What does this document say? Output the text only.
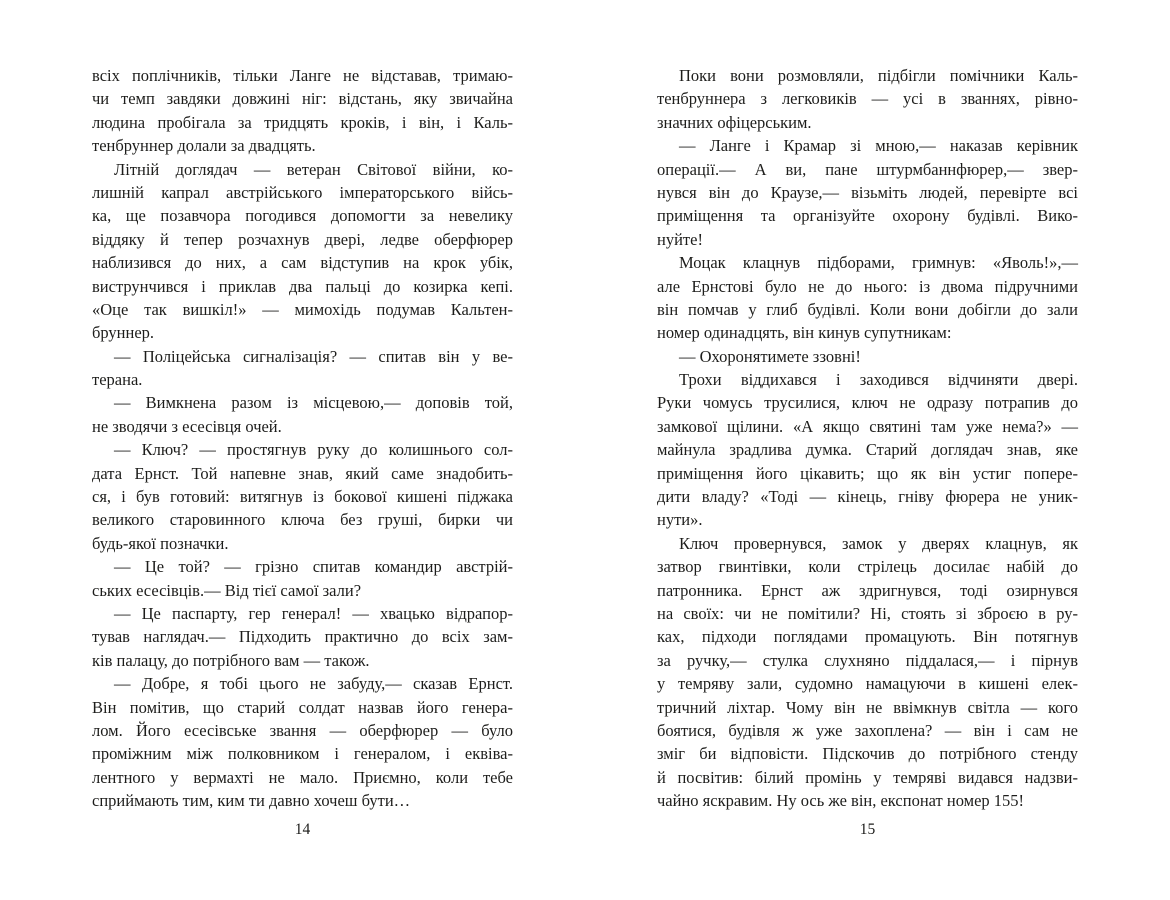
всіх поплічників, тільки Ланге не відставав, тримаю-
чи темп завдяки довжині ніг: відстань, яку звичайна
людина пробігала за тридцять кроків, і він, і Каль-
тенбруннер долали за двадцять.
Літній доглядач — ветеран Світової війни, ко-
лишній капрал австрійського імператорського війсь-
ка, ще позавчора погодився допомогти за невелику
віддяку й тепер розчахнув двері, ледве оберфюрер
наблизився до них, а сам відступив на крок убік,
виструнчився і приклав два пальці до козирка кепі.
«Оце так вишкіл!» — мимохідь подумав Кальтен-
бруннер.
— Поліцейська сигналізація? — спитав він у ве-
терана.
— Вимкнена разом із місцевою,— доповів той,
не зводячи з есесівця очей.
— Ключ? — простягнув руку до колишнього сол-
дата Ернст. Той напевне знав, який саме знадобить-
ся, і був готовий: витягнув із бокової кишені піджака
великого старовинного ключа без груші, бирки чи
будь-якої позначки.
— Це той? — грізно спитав командир австрій-
ських есесівців.— Від тієї самої зали?
— Це паспарту, гер генерал! — хвацько відрапор-
тував наглядач.— Підходить практично до всіх зам-
ків палацу, до потрібного вам — також.
— Добре, я тобі цього не забуду,— сказав Ернст.
Він помітив, що старий солдат назвав його генера-
лом. Його есесівське звання — оберфюрер — було
проміжним між полковником і генералом, і еквіва-
лентного у вермахті не мало. Приємно, коли тебе
сприймають тим, ким ти давно хочеш бути…
14
Поки вони розмовляли, підбігли помічники Каль-
тенбруннера з легковиків — усі в званнях, рівно-
значних офіцерським.
— Ланге і Крамар зі мною,— наказав керівник
операції.— А ви, пане штурмбаннфюрер,— звер-
нувся він до Краузе,— візьміть людей, перевірте всі
приміщення та організуйте охорону будівлі. Вико-
нуйте!
Моцак клацнув підборами, гримнув: «Яволь!»,—
але Ернстові було не до нього: із двома підручними
він помчав у глиб будівлі. Коли вони добігли до зали
номер одинадцять, він кинув супутникам:
— Охоронятимете ззовні!
Трохи віддихався і заходився відчиняти двері.
Руки чомусь трусилися, ключ не одразу потрапив до
замкової щілини. «А якщо святині там уже нема?» —
майнула зрадлива думка. Старий доглядач знав, яке
приміщення його цікавить; що як він устиг попере-
дити владу? «Тоді — кінець, гніву фюрера не уник-
нути».
Ключ провернувся, замок у дверях клацнув, як
затвор гвинтівки, коли стрілець досилає набій до
патронника. Ернст аж здригнувся, тоді озирнувся
на своїх: чи не помітили? Ні, стоять зі зброєю в ру-
ках, підходи поглядами промацують. Він потягнув
за ручку,— стулка слухняно піддалася,— і пірнув
у темряву зали, судомно намацуючи в кишені елек-
тричний ліхтар. Чому він не ввімкнув світла — кого
боятися, будівля ж уже захоплена? — він і сам не
зміг би відповісти. Підскочив до потрібного стенду
й посвітив: білий промінь у темряві видався надзви-
чайно яскравим. Ну ось же він, експонат номер 155!
15
